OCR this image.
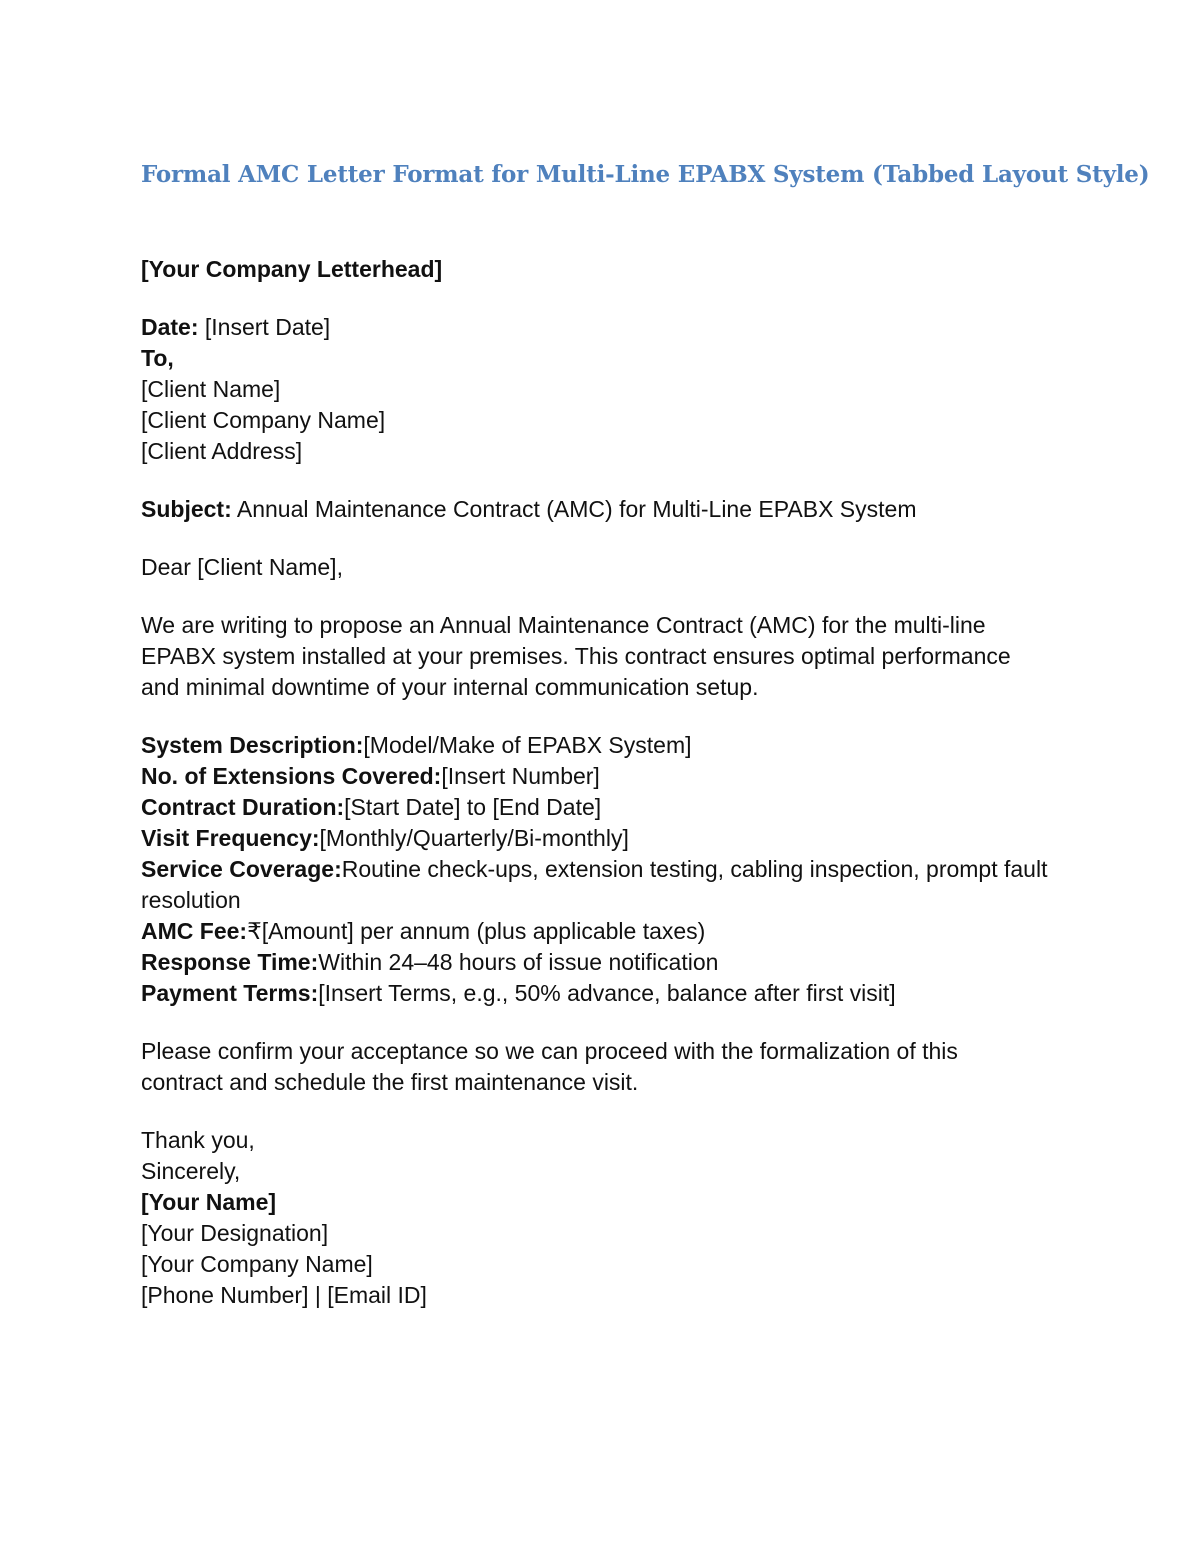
Formal AMC Letter Format for Multi-Line EPABX System (Tabbed Layout Style)
[Your Company Letterhead]
Date: [Insert Date]
To,
[Client Name]
[Client Company Name]
[Client Address]
Subject: Annual Maintenance Contract (AMC) for Multi-Line EPABX System
Dear [Client Name],
We are writing to propose an Annual Maintenance Contract (AMC) for the multi-line EPABX system installed at your premises. This contract ensures optimal performance and minimal downtime of your internal communication setup.
System Description:[Model/Make of EPABX System]
No. of Extensions Covered:[Insert Number]
Contract Duration:[Start Date] to [End Date]
Visit Frequency:[Monthly/Quarterly/Bi-monthly]
Service Coverage:Routine check-ups, extension testing, cabling inspection, prompt fault resolution
AMC Fee:₹[Amount] per annum (plus applicable taxes)
Response Time:Within 24–48 hours of issue notification
Payment Terms:[Insert Terms, e.g., 50% advance, balance after first visit]
Please confirm your acceptance so we can proceed with the formalization of this contract and schedule the first maintenance visit.
Thank you,
Sincerely,
[Your Name]
[Your Designation]
[Your Company Name]
[Phone Number] | [Email ID]
